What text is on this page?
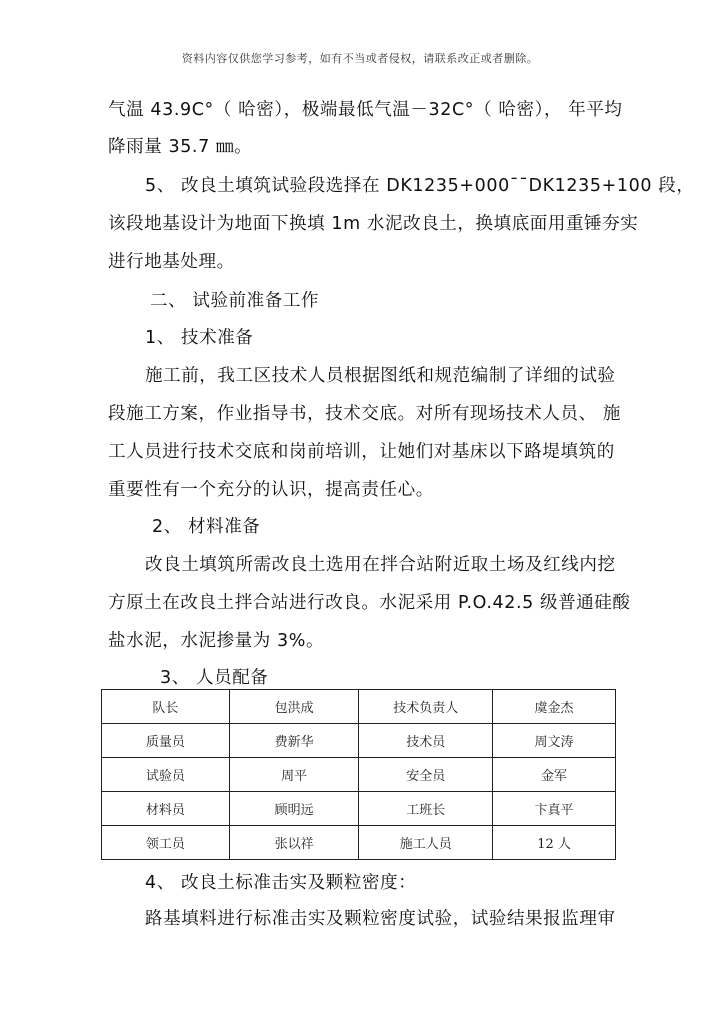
资料内容仅供您学习参考，如有不当或者侵权，请联系改正或者删除。
气温 43.9C°（ 哈密），极端最低气温－32C°（ 哈密）， 年平均
降雨量 35.7 ㎜。
5、 改良土填筑试验段选择在 DK1235+000¯¯DK1235+100 段，
该段地基设计为地面下换填 1m 水泥改良土，换填底面用重锤夯实
进行地基处理。
二、 试验前准备工作
1、 技术准备
施工前，我工区技术人员根据图纸和规范编制了详细的试验
段施工方案，作业指导书，技术交底。对所有现场技术人员、 施
工人员进行技术交底和岗前培训，让她们对基床以下路堤填筑的
重要性有一个充分的认识，提高责任心。
2、 材料准备
改良土填筑所需改良土选用在拌合站附近取土场及红线内挖
方原土在改良土拌合站进行改良。水泥采用 P.O.42.5 级普通硅酸
盐水泥，水泥掺量为 3%。
3、 人员配备
队长	包洪成	技术负责人	虞金杰
质量员	费新华	技术员	周文涛
试验员	周平	安全员	金军
材料员	顾明远	工班长	卞真平
领工员	张以祥	施工人员	12 人
4、 改良土标准击实及颗粒密度：
路基填料进行标准击实及颗粒密度试验，试验结果报监理审
